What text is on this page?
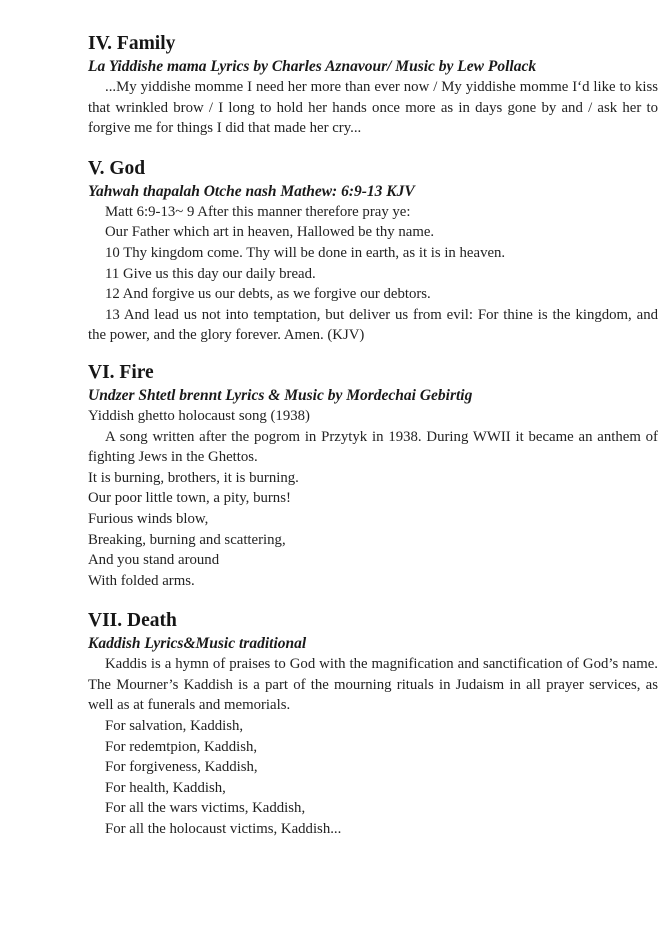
IV. Family

La Yiddishe mama Lyrics by Charles Aznavour/ Music by Lew Pollack

...My yiddishe momme I need her more than ever now / My yiddishe momme I‘d like to kiss that wrinkled brow / I long to hold her hands once more as in days gone by and / ask her to forgive me for things I did that made her cry...

V. God

Yahwah thapalah Otche nash Mathew: 6:9-13 KJV

Matt 6:9-13~ 9 After this manner therefore pray ye:

Our Father which art in heaven, Hallowed be thy name.

10 Thy kingdom come. Thy will be done in earth, as it is in heaven.

11 Give us this day our daily bread.

12 And forgive us our debts, as we forgive our debtors.

13 And lead us not into temptation, but deliver us from evil: For thine is the kingdom, and the power, and the glory forever. Amen. (KJV)

VI. Fire

Undzer Shtetl brennt Lyrics & Music by Mordechai Gebirtig

Yiddish ghetto holocaust song (1938)

A song written after the pogrom in Przytyk in 1938. During WWII it became an anthem of fighting Jews in the Ghettos.

It is burning, brothers, it is burning.

Our poor little town, a pity, burns!

Furious winds blow,

Breaking, burning and scattering,

And you stand around

With folded arms.

VII. Death

Kaddish Lyrics&Music traditional

Kaddis is a hymn of praises to God with the magnification and sanctification of God’s name. The Mourner’s Kaddish is a part of the mourning rituals in Judaism in all prayer services, as well as at funerals and memorials.

For salvation, Kaddish,

For redemtpion, Kaddish,

For forgiveness, Kaddish,

For health, Kaddish,

For all the wars victims, Kaddish,

For all the holocaust victims, Kaddish...
